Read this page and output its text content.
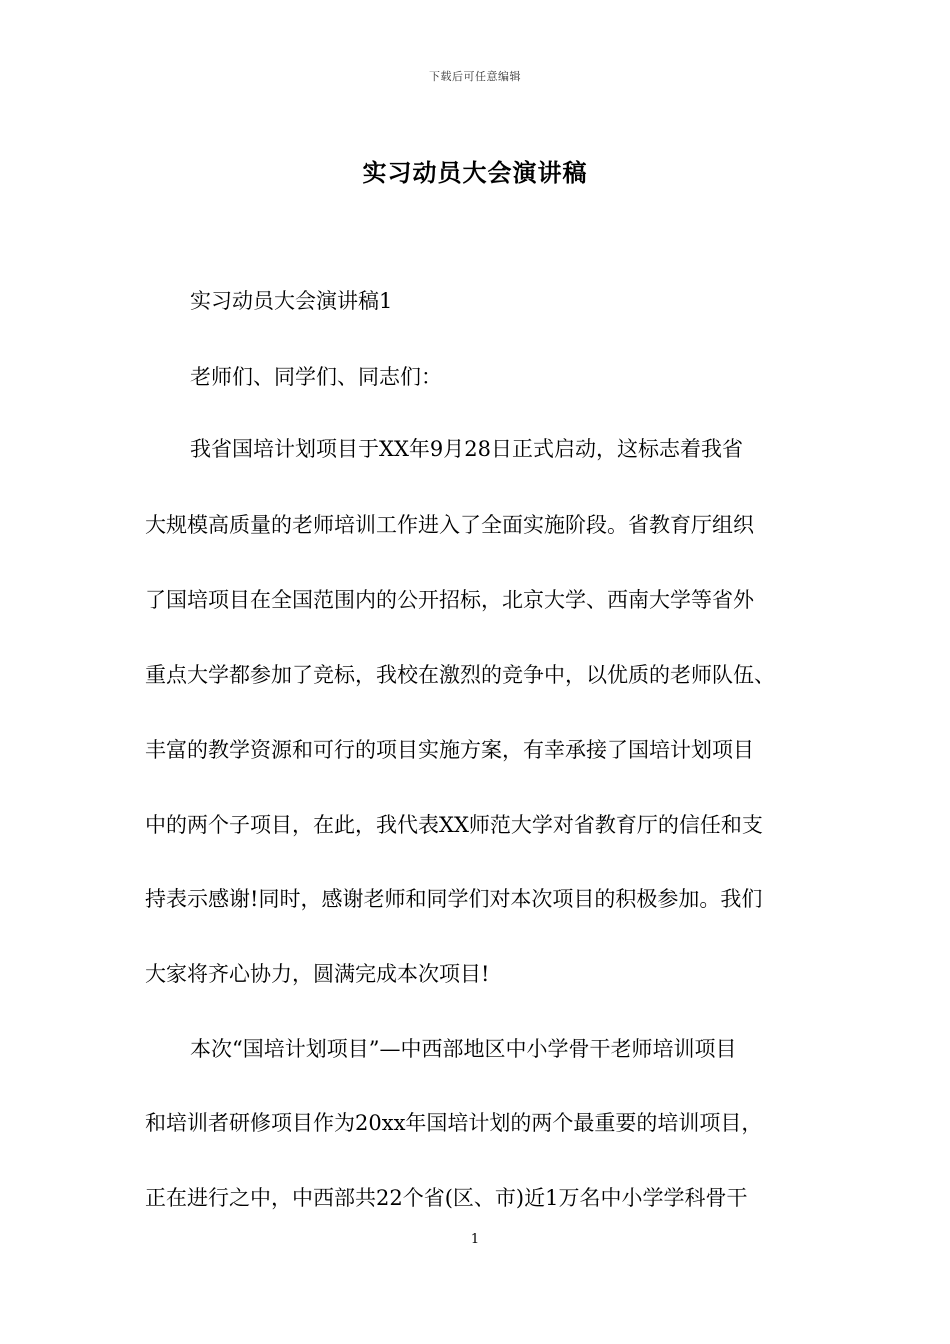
下载后可任意编辑
实习动员大会演讲稿
实习动员大会演讲稿1
老师们、同学们、同志们：
我省国培计划项目于XX年9月28日正式启动，这标志着我省
大规模高质量的老师培训工作进入了全面实施阶段。省教育厅组织
了国培项目在全国范围内的公开招标，北京大学、西南大学等省外
重点大学都参加了竞标，我校在激烈的竞争中，以优质的老师队伍、
丰富的教学资源和可行的项目实施方案，有幸承接了国培计划项目
中的两个子项目，在此，我代表XX师范大学对省教育厅的信任和支
持表示感谢!同时，感谢老师和同学们对本次项目的积极参加。我们
大家将齐心协力，圆满完成本次项目!
本次“国培计划项目”—中西部地区中小学骨干老师培训项目
和培训者研修项目作为20xx年国培计划的两个最重要的培训项目，
正在进行之中，中西部共22个省(区、市)近1万名中小学学科骨干
1
